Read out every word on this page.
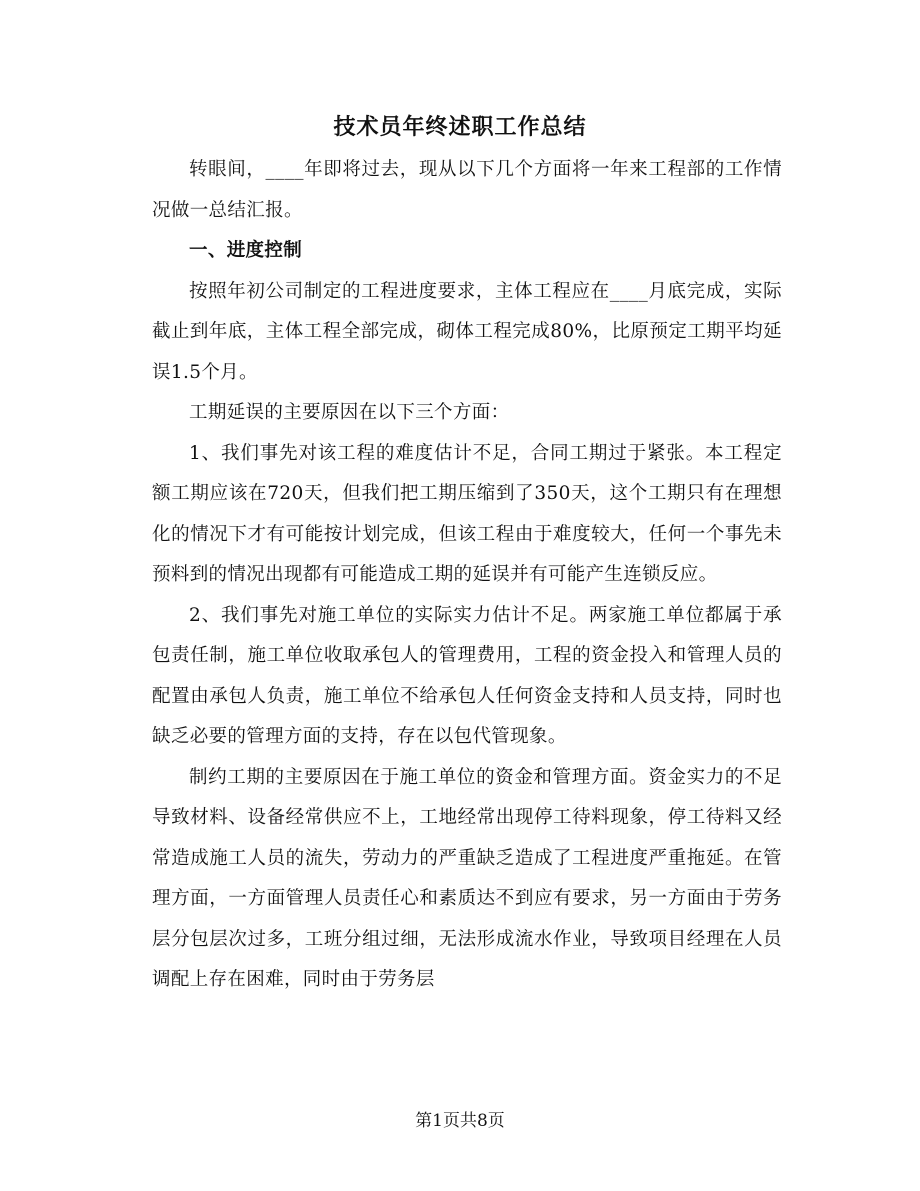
技术员年终述职工作总结

转眼间，____年即将过去，现从以下几个方面将一年来工程部的工作情况做一总结汇报。

一、进度控制

按照年初公司制定的工程进度要求，主体工程应在____月底完成，实际截止到年底，主体工程全部完成，砌体工程完成80%，比原预定工期平均延误1.5个月。

工期延误的主要原因在以下三个方面：

1、我们事先对该工程的难度估计不足，合同工期过于紧张。本工程定额工期应该在720天，但我们把工期压缩到了350天，这个工期只有在理想化的情况下才有可能按计划完成，但该工程由于难度较大，任何一个事先未预料到的情况出现都有可能造成工期的延误并有可能产生连锁反应。

2、我们事先对施工单位的实际实力估计不足。两家施工单位都属于承包责任制，施工单位收取承包人的管理费用，工程的资金投入和管理人员的配置由承包人负责，施工单位不给承包人任何资金支持和人员支持，同时也缺乏必要的管理方面的支持，存在以包代管现象。

制约工期的主要原因在于施工单位的资金和管理方面。资金实力的不足导致材料、设备经常供应不上，工地经常出现停工待料现象，停工待料又经常造成施工人员的流失，劳动力的严重缺乏造成了工程进度严重拖延。在管理方面，一方面管理人员责任心和素质达不到应有要求，另一方面由于劳务层分包层次过多，工班分组过细，无法形成流水作业，导致项目经理在人员调配上存在困难，同时由于劳务层

第1页共8页
